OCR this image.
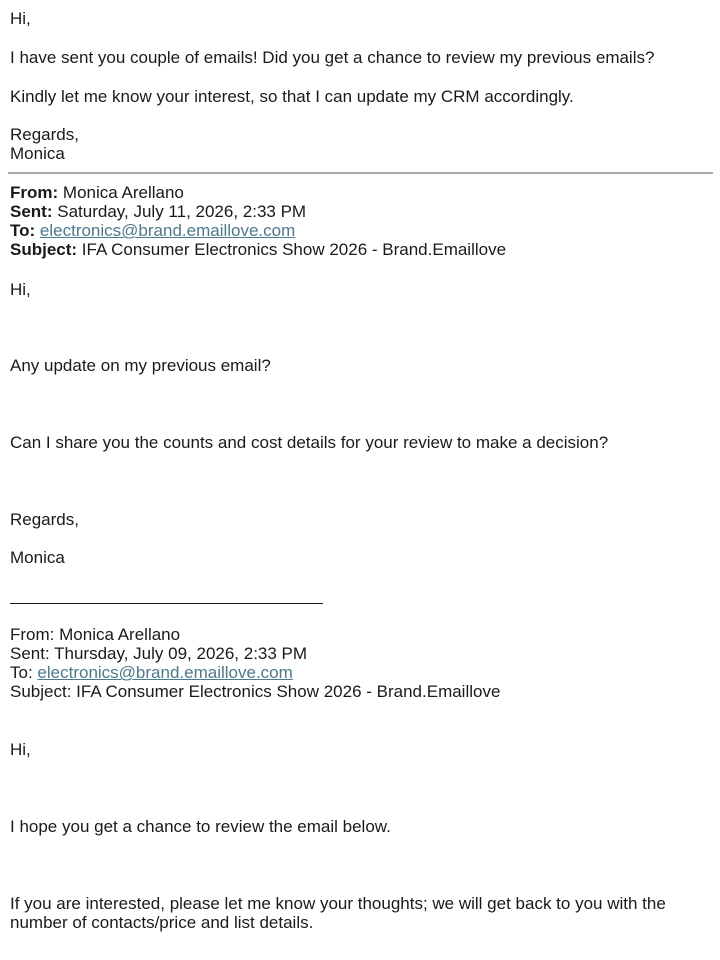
Hi,

I have sent you couple of emails! Did you get a chance to review my previous emails?

Kindly let me know your interest, so that I can update my CRM accordingly.

Regards,

Monica

From: Monica Arellano
Sent: Saturday, July 11, 2026, 2:33 PM
To: electronics@brand.emaillove.com
Subject: IFA Consumer Electronics Show 2026 - Brand.Emaillove

Hi,

Any update on my previous email?

Can I share you the counts and cost details for your review to make a decision?

Regards,

Monica

From: Monica Arellano
Sent: Thursday, July 09, 2026, 2:33 PM
To: electronics@brand.emaillove.com
Subject: IFA Consumer Electronics Show 2026 - Brand.Emaillove

Hi,

I hope you get a chance to review the email below.

If you are interested, please let me know your thoughts; we will get back to you with the

number of contacts/price and list details.
